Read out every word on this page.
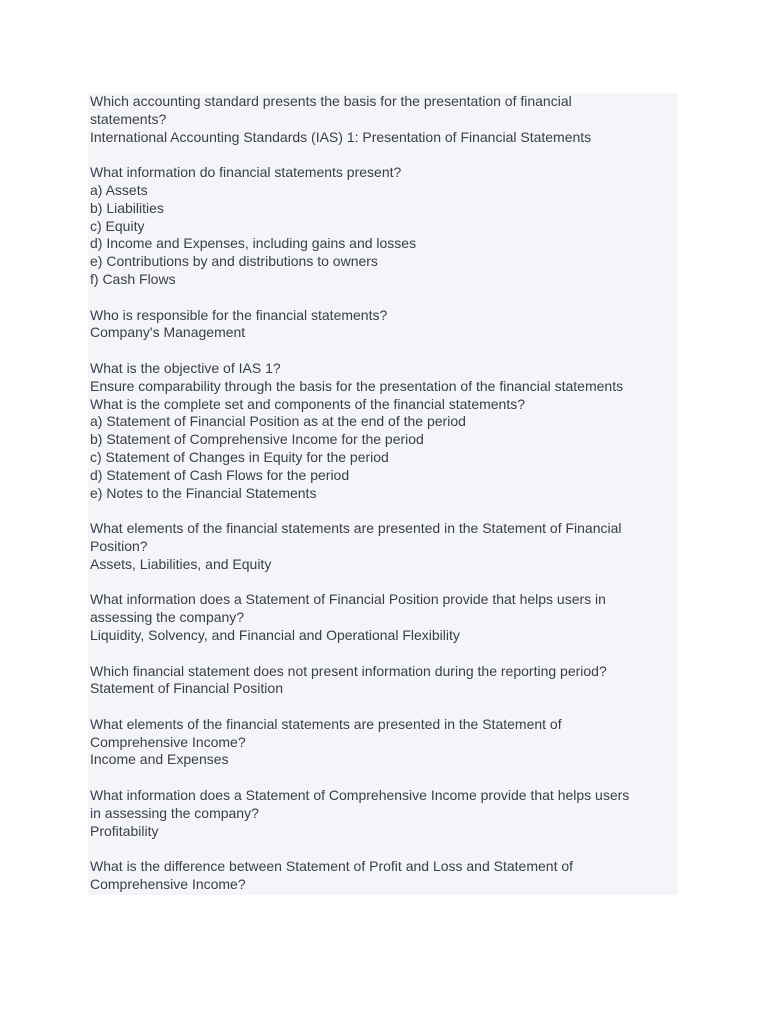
Which accounting standard presents the basis for the presentation of financial
statements?
International Accounting Standards (IAS) 1: Presentation of Financial Statements
What information do financial statements present?
a) Assets
b) Liabilities
c) Equity
d) Income and Expenses, including gains and losses
e) Contributions by and distributions to owners
f) Cash Flows
Who is responsible for the financial statements?
Company's Management
What is the objective of IAS 1?
Ensure comparability through the basis for the presentation of the financial statements
What is the complete set and components of the financial statements?
a) Statement of Financial Position as at the end of the period
b) Statement of Comprehensive Income for the period
c) Statement of Changes in Equity for the period
d) Statement of Cash Flows for the period
e) Notes to the Financial Statements
What elements of the financial statements are presented in the Statement of Financial
Position?
Assets, Liabilities, and Equity
What information does a Statement of Financial Position provide that helps users in
assessing the company?
Liquidity, Solvency, and Financial and Operational Flexibility
Which financial statement does not present information during the reporting period?
Statement of Financial Position
What elements of the financial statements are presented in the Statement of
Comprehensive Income?
Income and Expenses
What information does a Statement of Comprehensive Income provide that helps users
in assessing the company?
Profitability
What is the difference between Statement of Profit and Loss and Statement of
Comprehensive Income?
